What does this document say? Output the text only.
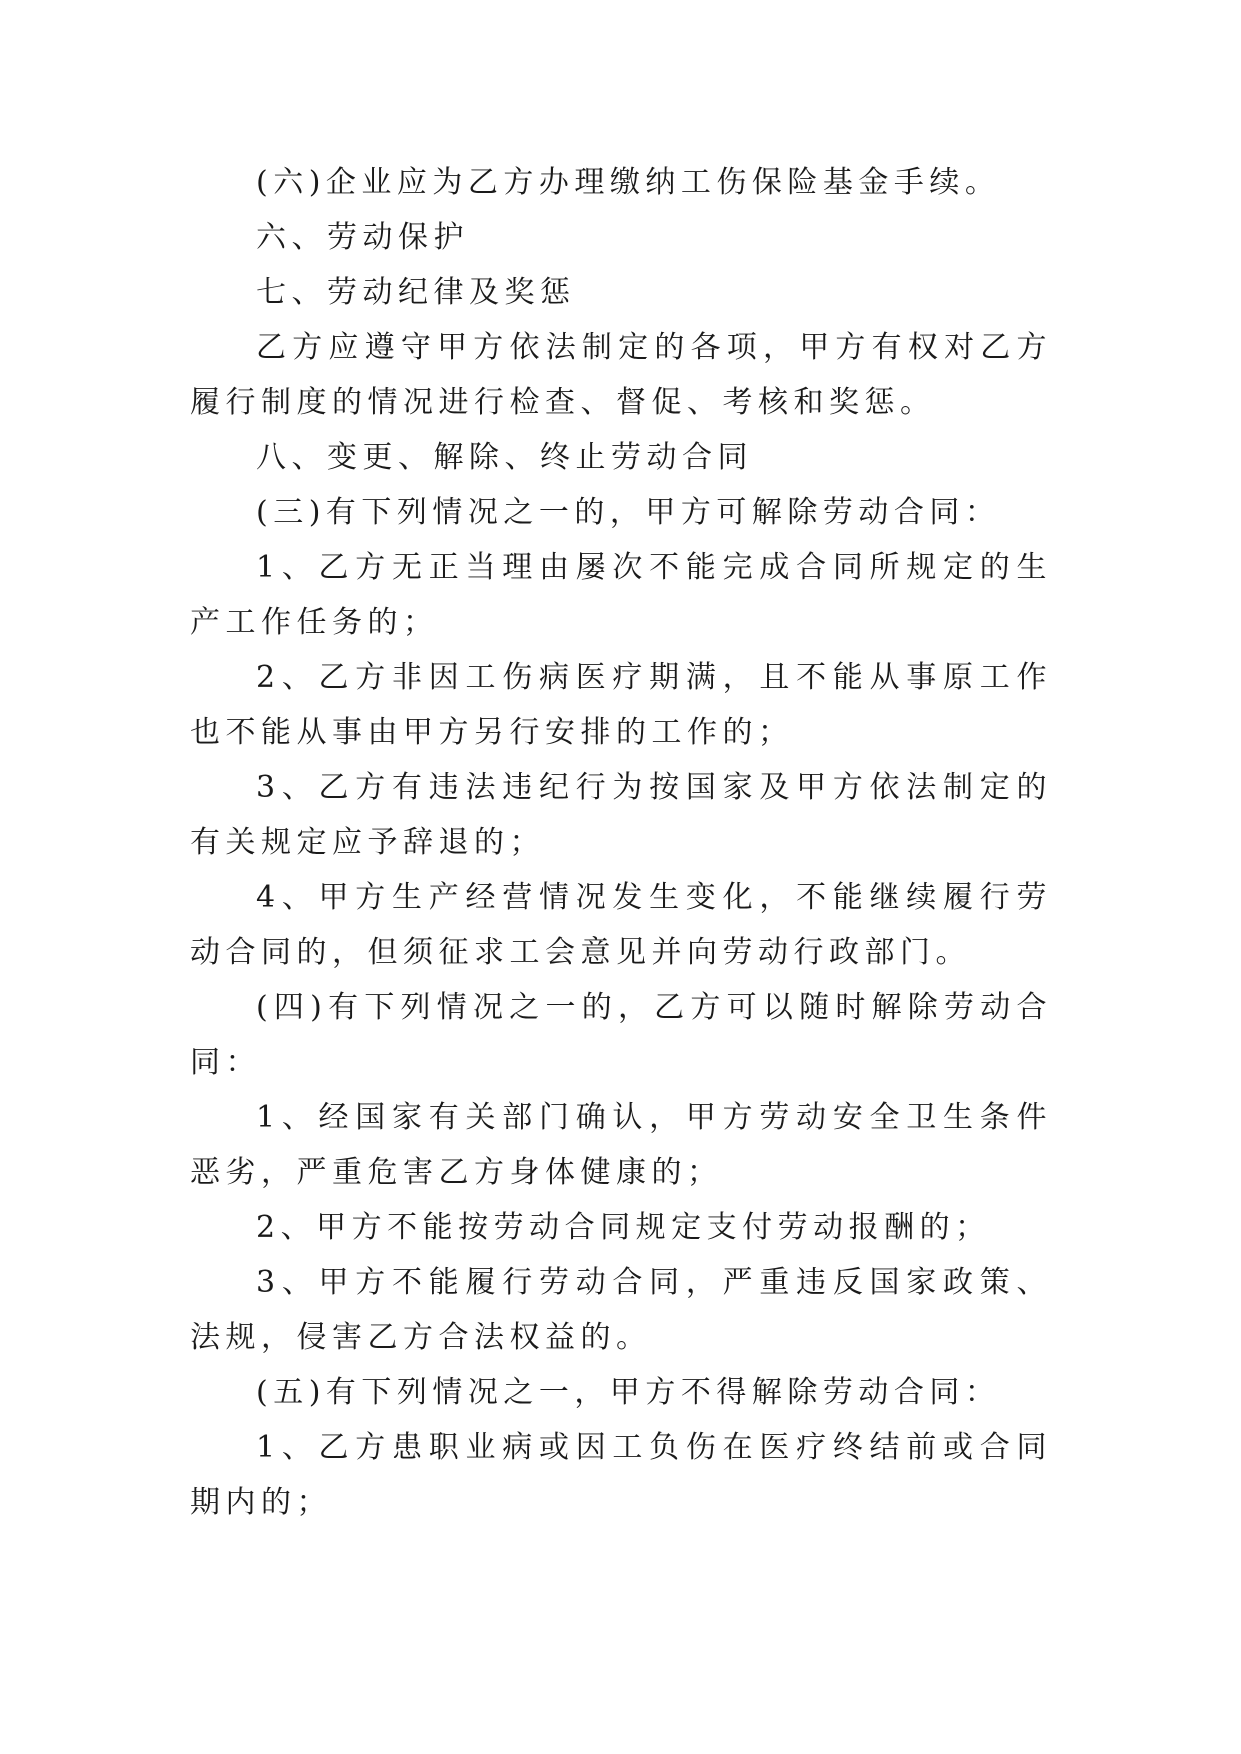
(六)企业应为乙方办理缴纳工伤保险基金手续。

六、劳动保护

七、劳动纪律及奖惩

乙方应遵守甲方依法制定的各项，甲方有权对乙方履行制度的情况进行检查、督促、考核和奖惩。

八、变更、解除、终止劳动合同

(三)有下列情况之一的，甲方可解除劳动合同：

1、乙方无正当理由屡次不能完成合同所规定的生产工作任务的；

2、乙方非因工伤病医疗期满，且不能从事原工作也不能从事由甲方另行安排的工作的；

3、乙方有违法违纪行为按国家及甲方依法制定的有关规定应予辞退的；

4、甲方生产经营情况发生变化，不能继续履行劳动合同的，但须征求工会意见并向劳动行政部门。

(四)有下列情况之一的，乙方可以随时解除劳动合同：

1、经国家有关部门确认，甲方劳动安全卫生条件恶劣，严重危害乙方身体健康的；

2、甲方不能按劳动合同规定支付劳动报酬的；

3、甲方不能履行劳动合同，严重违反国家政策、法规，侵害乙方合法权益的。

(五)有下列情况之一，甲方不得解除劳动合同：

1、乙方患职业病或因工负伤在医疗终结前或合同期内的；
